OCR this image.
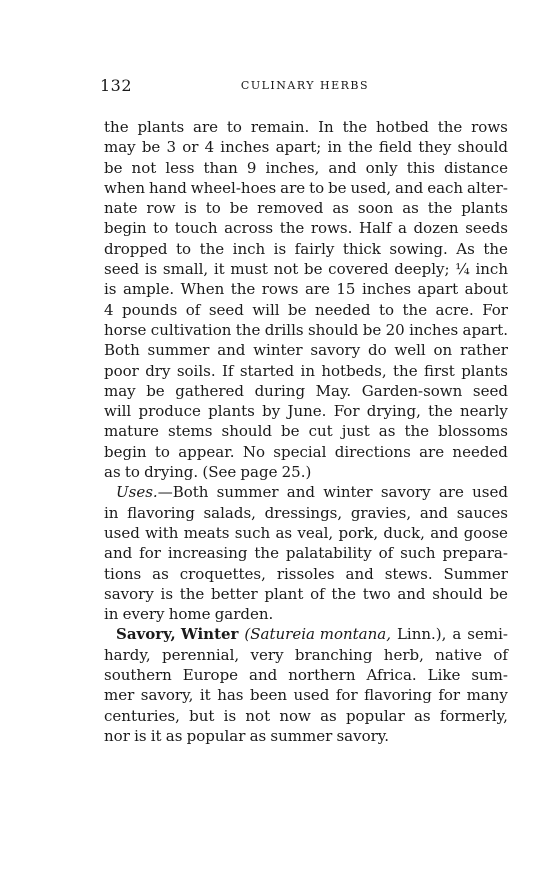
132	CULINARY HERBS
the plants are to remain. In the hotbed the rows
may be 3 or 4 inches apart; in the field they should
be not less than 9 inches, and only this distance
when hand wheel-hoes are to be used, and each alter-
nate row is to be removed as soon as the plants
begin to touch across the rows. Half a dozen seeds
dropped to the inch is fairly thick sowing. As the
seed is small, it must not be covered deeply; ¼ inch
is ample. When the rows are 15 inches apart about
4 pounds of seed will be needed to the acre. For
horse cultivation the drills should be 20 inches apart.
Both summer and winter savory do well on rather
poor dry soils. If started in hotbeds, the first plants
may be gathered during May. Garden-sown seed
will produce plants by June. For drying, the nearly
mature stems should be cut just as the blossoms
begin to appear. No special directions are needed
as to drying. (See page 25.)
Uses.—Both summer and winter savory are used
in flavoring salads, dressings, gravies, and sauces
used with meats such as veal, pork, duck, and goose
and for increasing the palatability of such prepara-
tions as croquettes, rissoles and stews. Summer
savory is the better plant of the two and should be
in every home garden.
Savory, Winter (Satureia montana, Linn.), a semi-
hardy, perennial, very branching herb, native of
southern Europe and northern Africa. Like sum-
mer savory, it has been used for flavoring for many
centuries, but is not now as popular as formerly,
nor is it as popular as summer savory.
